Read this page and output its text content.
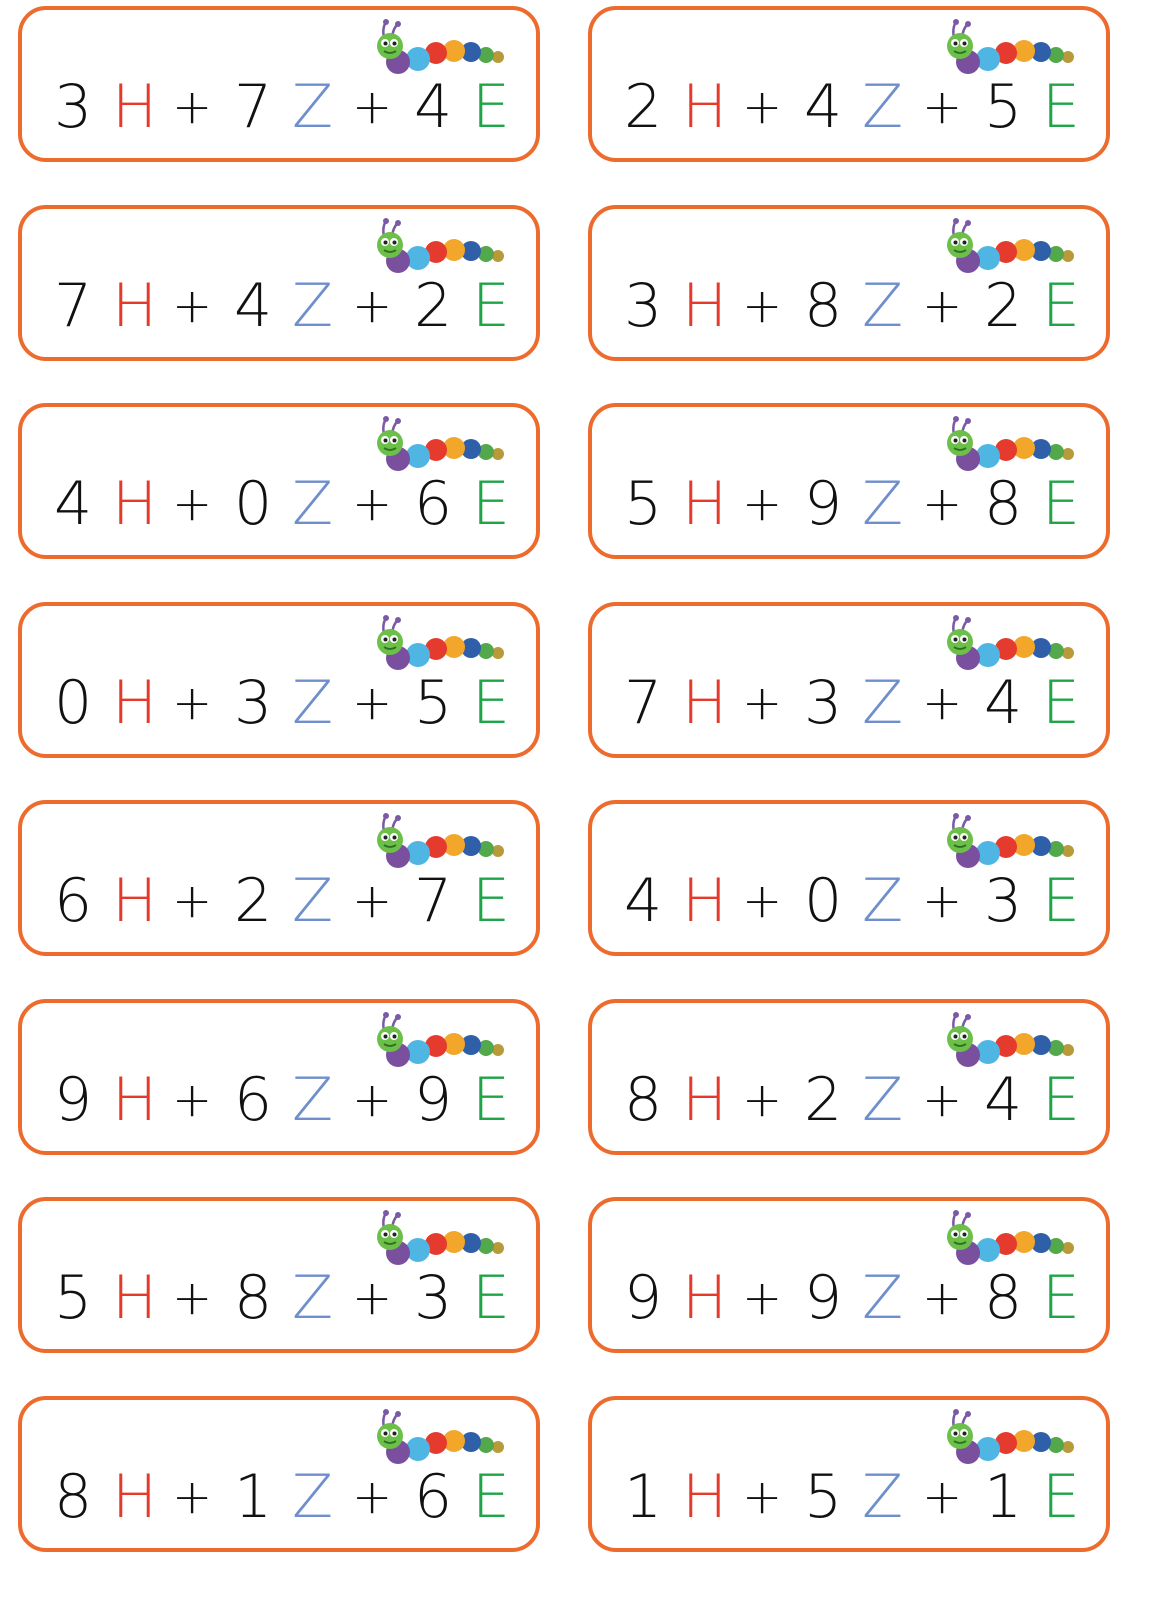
3 H + 7 Z + 4 E 2 H + 4 Z + 5 E
7 H + 4 Z + 2 E 3 H + 8 Z + 2 E
4 H + 0 Z + 6 E 5 H + 9 Z + 8 E
0 H + 3 Z + 5 E 7 H + 3 Z + 4 E
6 H + 2 Z + 7 E 4 H + 0 Z + 3 E
9 H + 6 Z + 9 E 8 H + 2 Z + 4 E
5 H + 8 Z + 3 E 9 H + 9 Z + 8 E
8 H + 1 Z + 6 E 1 H + 5 Z + 1 E
